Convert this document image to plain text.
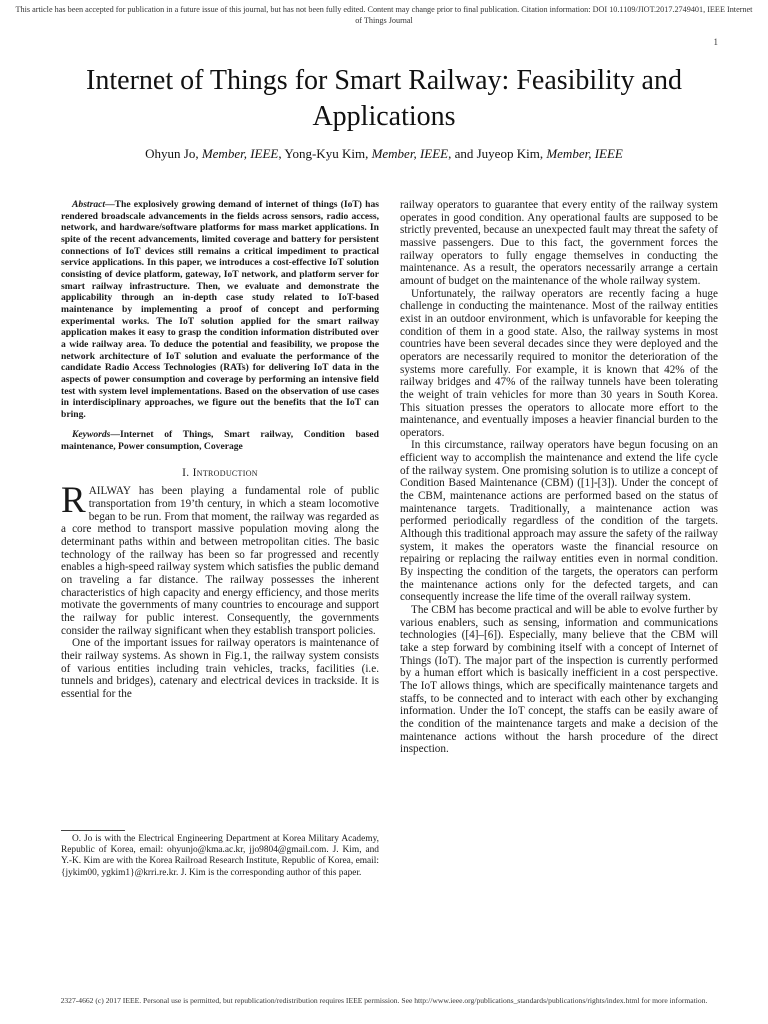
This article has been accepted for publication in a future issue of this journal, but has not been fully edited. Content may change prior to final publication. Citation information: DOI 10.1109/JIOT.2017.2749401, IEEE Internet of Things Journal
1
Internet of Things for Smart Railway: Feasibility and Applications
Ohyun Jo, Member, IEEE, Yong-Kyu Kim, Member, IEEE, and Juyeop Kim, Member, IEEE

Abstract—The explosively growing demand of internet of things (IoT) has rendered broadscale advancements in the fields across sensors, radio access, network, and hardware/software platforms for mass market applications. In spite of the recent advancements, limited coverage and battery for persistent connections of IoT devices still remains a critical impediment to practical service applications. In this paper, we introduces a cost-effective IoT solution consisting of device platform, gateway, IoT network, and platform server for smart railway infrastructure. Then, we evaluate and demonstrate the applicability through an in-depth case study related to IoT-based maintenance by implementing a proof of concept and performing experimental works. The IoT solution applied for the smart railway application makes it easy to grasp the condition information distributed over a wide railway area. To deduce the potential and feasibility, we propose the network architecture of IoT solution and evaluate the performance of the candidate Radio Access Technologies (RATs) for delivering IoT data in the aspects of power consumption and coverage by performing an intensive field test with system level implementations. Based on the observation of use cases in interdisciplinary approaches, we figure out the benefits that the IoT can bring.

Keywords—Internet of Things, Smart railway, Condition based maintenance, Power consumption, Coverage

I. Introduction

RAILWAY has been playing a fundamental role of public transportation from 19’th century, in which a steam locomotive began to be run. From that moment, the railway was regarded as a core method to transport massive population moving along the determinant paths within and between metropolitan cities. The basic technology of the railway has been so far progressed and recently enables a high-speed railway system which satisfies the public demand on traveling a far distance. The railway possesses the inherent characteristics of high capacity and energy efficiency, and those merits motivate the governments of many countries to encourage and support the railway for public interest. Consequently, the governments consider the railway significant when they establish transport policies.

One of the important issues for railway operators is maintenance of their railway systems. As shown in Fig.1, the railway system consists of various entities including train vehicles, tracks, facilities (i.e. tunnels and bridges), catenary and electrical devices in trackside. It is essential for the

railway operators to guarantee that every entity of the railway system operates in good condition. Any operational faults are supposed to be strictly prevented, because an unexpected fault may threat the safety of massive passengers. Due to this fact, the government forces the railway operators to fully engage themselves in conducting the maintenance. As a result, the operators necessarily arrange a certain amount of budget on the maintenance of the whole railway system.

Unfortunately, the railway operators are recently facing a huge challenge in conducting the maintenance. Most of the railway entities exist in an outdoor environment, which is unfavorable for keeping the condition of them in a good state. Also, the railway systems in most countries have been several decades since they were deployed and the operators are necessarily required to monitor the deterioration of the systems more carefully. For example, it is known that 42% of the railway bridges and 47% of the railway tunnels have been tolerating the weight of train vehicles for more than 30 years in South Korea. This situation presses the operators to allocate more effort to the maintenance, and eventually imposes a heavier financial burden to the operators.

In this circumstance, railway operators have begun focusing on an efficient way to accomplish the maintenance and extend the life cycle of the railway system. One promising solution is to utilize a concept of Condition Based Maintenance (CBM) ([1]-[3]). Under the concept of the CBM, maintenance actions are performed based on the status of maintenance targets. Traditionally, a maintenance action was performed periodically regardless of the condition of the targets. Although this traditional approach may assure the safety of the railway system, it makes the operators waste the financial resource on repairing or replacing the railway entities even in normal condition. By inspecting the condition of the targets, the operators can perform the maintenance actions only for the defected targets, and can consequently increase the life time of the overall railway system.

The CBM has become practical and will be able to evolve further by various enablers, such as sensing, information and communications technologies ([4]–[6]). Especially, many believe that the CBM will take a step forward by combining itself with a concept of Internet of Things (IoT). The major part of the inspection is currently performed by a human effort which is basically inefficient in a cost perspective. The IoT allows things, which are specifically maintenance targets and staffs, to be connected and to interact with each other by exchanging information. Under the IoT concept, the staffs can be easily aware of the condition of the maintenance targets and make a decision of the maintenance actions without the harsh procedure of the direct inspection.

O. Jo is with the Electrical Engineering Department at Korea Military Academy, Republic of Korea, email: ohyunjo@kma.ac.kr, jjo9804@gmail.com. J. Kim, and Y.-K. Kim are with the Korea Railroad Research Institute, Republic of Korea, email: {jykim00, ygkim1}@krri.re.kr. J. Kim is the corresponding author of this paper.
2327-4662 (c) 2017 IEEE. Personal use is permitted, but republication/redistribution requires IEEE permission. See http://www.ieee.org/publications_standards/publications/rights/index.html for more information.
